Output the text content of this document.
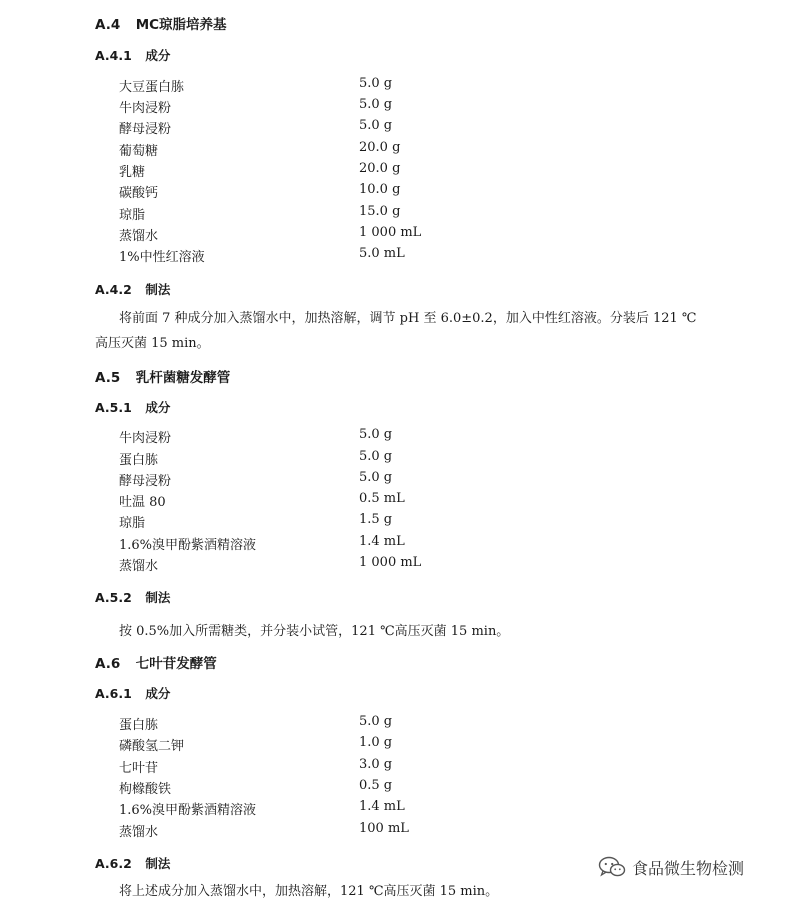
A.4 MC琼脂培养基
A.4.1 成分
大豆蛋白胨	5.0 g
牛肉浸粉	5.0 g
酵母浸粉	5.0 g
葡萄糖	20.0 g
乳糖	20.0 g
碳酸钙	10.0 g
琼脂	15.0 g
蒸馏水	1 000 mL
1%中性红溶液	5.0 mL
A.4.2 制法
将前面 7 种成分加入蒸馏水中，加热溶解，调节 pH 至 6.0±0.2，加入中性红溶液。分装后 121 ℃
高压灭菌 15 min。
A.5 乳杆菌糖发酵管
A.5.1 成分
牛肉浸粉	5.0 g
蛋白胨	5.0 g
酵母浸粉	5.0 g
吐温 80	0.5 mL
琼脂	1.5 g
1.6%溴甲酚紫酒精溶液	1.4 mL
蒸馏水	1 000 mL
A.5.2 制法
按 0.5%加入所需糖类，并分装小试管，121 ℃高压灭菌 15 min。
A.6 七叶苷发酵管
A.6.1 成分
蛋白胨	5.0 g
磷酸氢二钾	1.0 g
七叶苷	3.0 g
枸橼酸铁	0.5 g
1.6%溴甲酚紫酒精溶液	1.4 mL
蒸馏水	100 mL
A.6.2 制法
将上述成分加入蒸馏水中，加热溶解，121 ℃高压灭菌 15 min。
食品微生物检测
